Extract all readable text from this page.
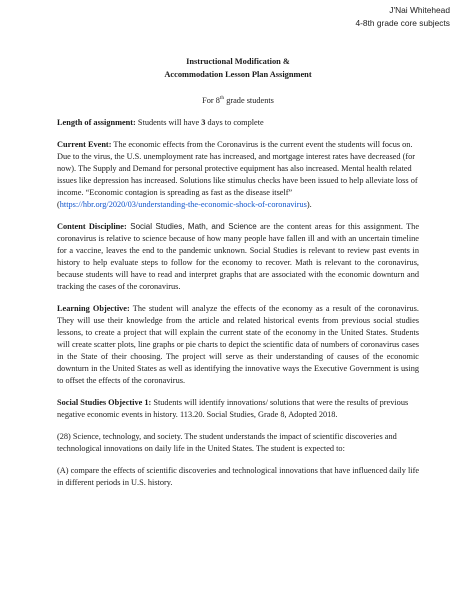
J'Nai Whitehead
4-8th grade core subjects
Instructional Modification &
Accommodation Lesson Plan Assignment

For 8th grade students

Length of assignment: Students will have 3 days to complete

Current Event: The economic effects from the Coronavirus is the current event the students will focus on. Due to the virus, the U.S. unemployment rate has increased, and mortgage interest rates have decreased (for now). The Supply and Demand for personal protective equipment has also increased. Mental health related issues like depression has increased. Solutions like stimulus checks have been issued to help alleviate loss of income. “Economic contagion is spreading as fast as the disease itself”
(https://hbr.org/2020/03/understanding-the-economic-shock-of-coronavirus).

Content Discipline: Social Studies, Math, and Science are the content areas for this assignment. The coronavirus is relative to science because of how many people have fallen ill and with an uncertain timeline for a vaccine, leaves the end to the pandemic unknown. Social Studies is relevant to review past events in history to help evaluate steps to follow for the economy to recover. Math is relevant to the coronavirus, because students will have to read and interpret graphs that are associated with the economic downturn and tracking the cases of the coronavirus.

Learning Objective: The student will analyze the effects of the economy as a result of the coronavirus. They will use their knowledge from the article and related historical events from previous social studies lessons, to create a project that will explain the current state of the economy in the United States. Students will create scatter plots, line graphs or pie charts to depict the scientific data of numbers of coronavirus cases in the State of their choosing. The project will serve as their understanding of causes of the economic downturn in the United States as well as identifying the innovative ways the Executive Government is using to offset the effects of the coronavirus.

Social Studies Objective 1: Students will identify innovations/ solutions that were the results of previous negative economic events in history. 113.20. Social Studies, Grade 8, Adopted 2018.

(28) Science, technology, and society. The student understands the impact of scientific discoveries and technological innovations on daily life in the United States. The student is expected to:

(A) compare the effects of scientific discoveries and technological innovations that have influenced daily life in different periods in U.S. history.
